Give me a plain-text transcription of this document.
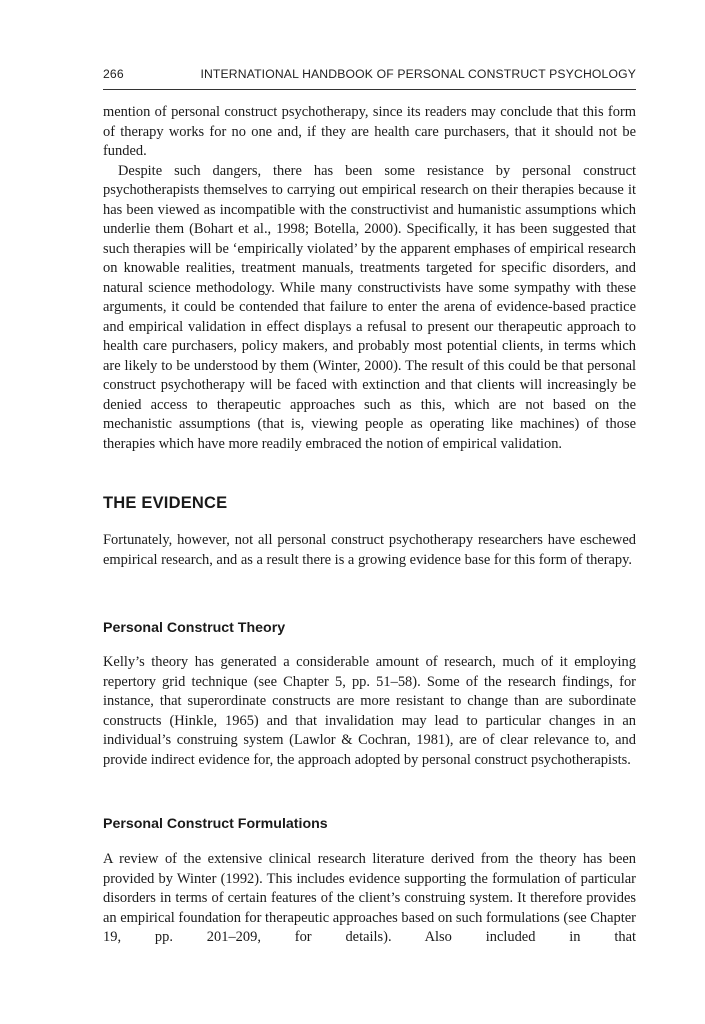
266	INTERNATIONAL HANDBOOK OF PERSONAL CONSTRUCT PSYCHOLOGY

mention of personal construct psychotherapy, since its readers may conclude that this form of therapy works for no one and, if they are health care purchasers, that it should not be funded.

Despite such dangers, there has been some resistance by personal construct psychotherapists themselves to carrying out empirical research on their therapies because it has been viewed as incompatible with the constructivist and humanistic assumptions which underlie them (Bohart et al., 1998; Botella, 2000). Specifically, it has been suggested that such therapies will be ‘empirically violated’ by the apparent emphases of empirical research on knowable realities, treatment manuals, treatments targeted for specific disorders, and natural science methodology. While many constructivists have some sympathy with these arguments, it could be contended that failure to enter the arena of evidence-based practice and empirical validation in effect displays a refusal to present our therapeutic approach to health care purchasers, policy makers, and probably most potential clients, in terms which are likely to be understood by them (Winter, 2000). The result of this could be that personal construct psychotherapy will be faced with extinction and that clients will increasingly be denied access to therapeutic approaches such as this, which are not based on the mechanistic assumptions (that is, viewing people as operating like machines) of those therapies which have more readily embraced the notion of empirical validation.

THE EVIDENCE

Fortunately, however, not all personal construct psychotherapy researchers have eschewed empirical research, and as a result there is a growing evidence base for this form of therapy.

Personal Construct Theory

Kelly’s theory has generated a considerable amount of research, much of it employing repertory grid technique (see Chapter 5, pp. 51–58). Some of the research findings, for instance, that superordinate constructs are more resistant to change than are subordinate constructs (Hinkle, 1965) and that invalidation may lead to particular changes in an individual’s construing system (Lawlor & Cochran, 1981), are of clear relevance to, and provide indirect evidence for, the approach adopted by personal construct psychotherapists.

Personal Construct Formulations

A review of the extensive clinical research literature derived from the theory has been provided by Winter (1992). This includes evidence supporting the formulation of particular disorders in terms of certain features of the client’s construing system. It therefore provides an empirical foundation for therapeutic approaches based on such formulations (see Chapter 19, pp. 201–209, for details). Also included in that
